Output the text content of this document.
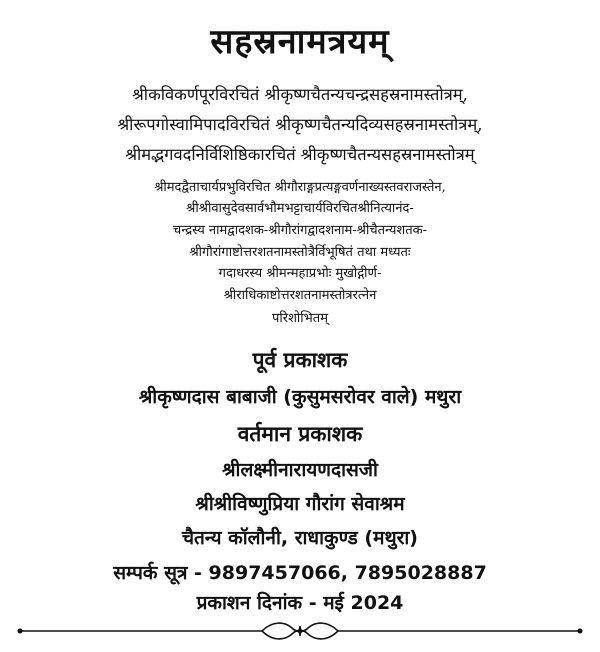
सहस्रनामत्रयम्
श्रीकविकर्णपूरविरचितं श्रीकृष्णचैतन्यचन्द्रसहस्रनामस्तोत्रम्,
श्रीरूपगोस्वामिपादविरचितं श्रीकृष्णचैतन्यदिव्यसहस्रनामस्तोत्रम्,
श्रीमद्भगवदनिर्विशिष्ठिकारचितं श्रीकृष्णचैतन्यसहस्रनामस्तोत्रम्
श्रीमदद्वैताचार्यप्रभुविरचित श्रीगौराङ्गप्रत्यङ्गवर्णनाख्यस्तवराजस्तेन,
श्रीश्रीवासुदेवसार्वभौमभट्टाचार्यविरचितश्रीनित्यानंद-
चन्द्रस्य नामद्वादशक-श्रीगौरांगद्वादशनाम-श्रीचैतन्यशतक-
श्रीगौरांगाष्टोत्तरशतनामस्तोत्रैर्विभूषितं तथा मध्यतः
गदाधरस्य श्रीमन्महाप्रभोः मुखोद्गीर्ण-
श्रीराधिकाष्टोत्तरशतनामस्तोत्ररत्नेन
परिशोभितम्
पूर्व प्रकाशक
श्रीकृष्णदास बाबाजी (कुसुमसरोवर वाले) मथुरा
वर्तमान प्रकाशक
श्रीलक्ष्मीनारायणदासजी
श्रीश्रीविष्णुप्रिया गौरांग सेवाश्रम
चैतन्य कॉलौनी, राधाकुण्ड (मथुरा)
सम्पर्क सूत्र - 9897457066, 7895028887
प्रकाशन दिनांक - मई 2024
